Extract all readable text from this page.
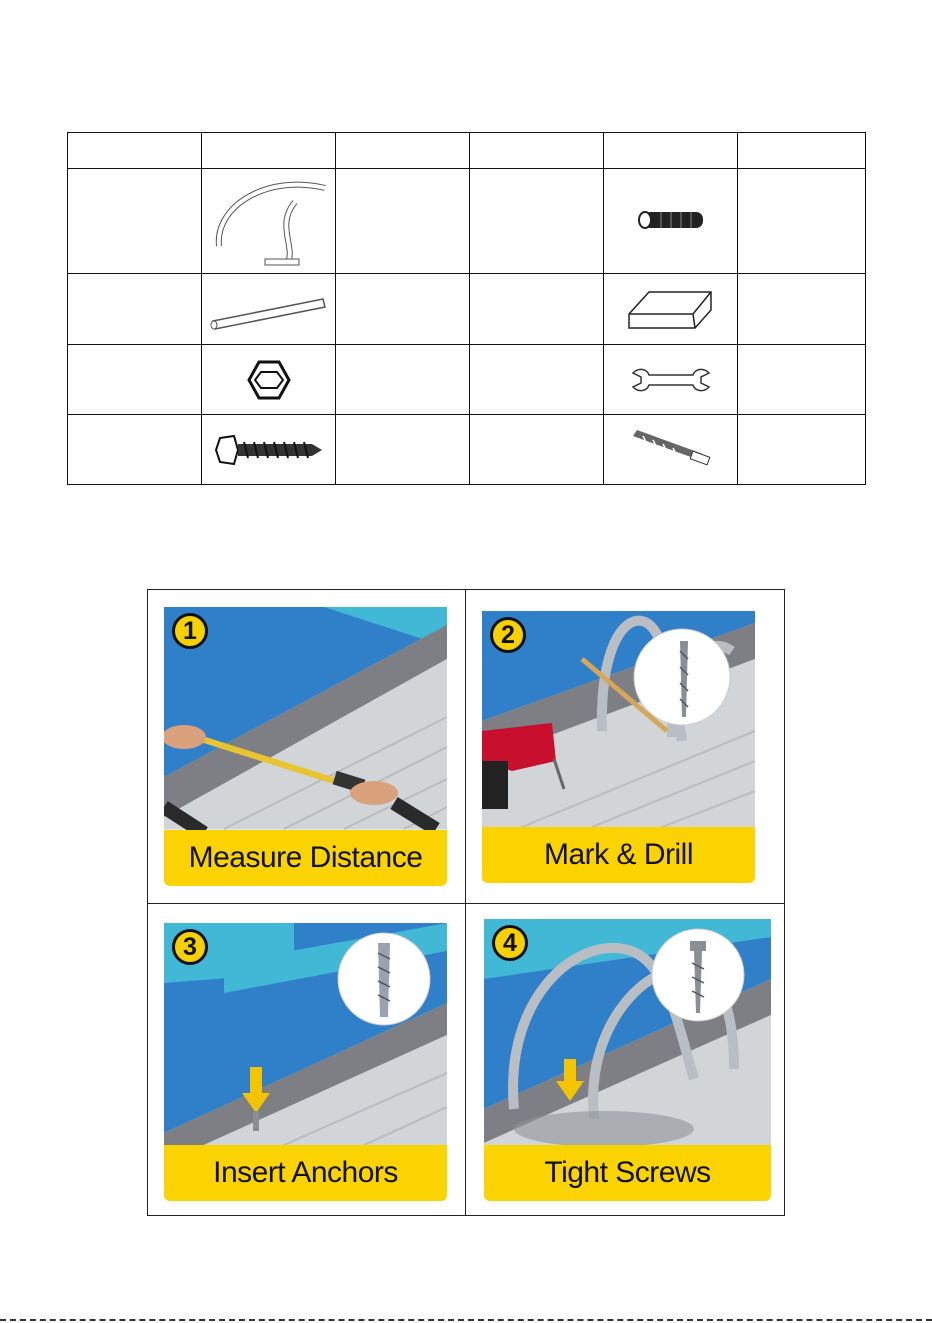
1
Measure Distance
2
Mark & Drill
3
Insert Anchors
4
Tight Screws
